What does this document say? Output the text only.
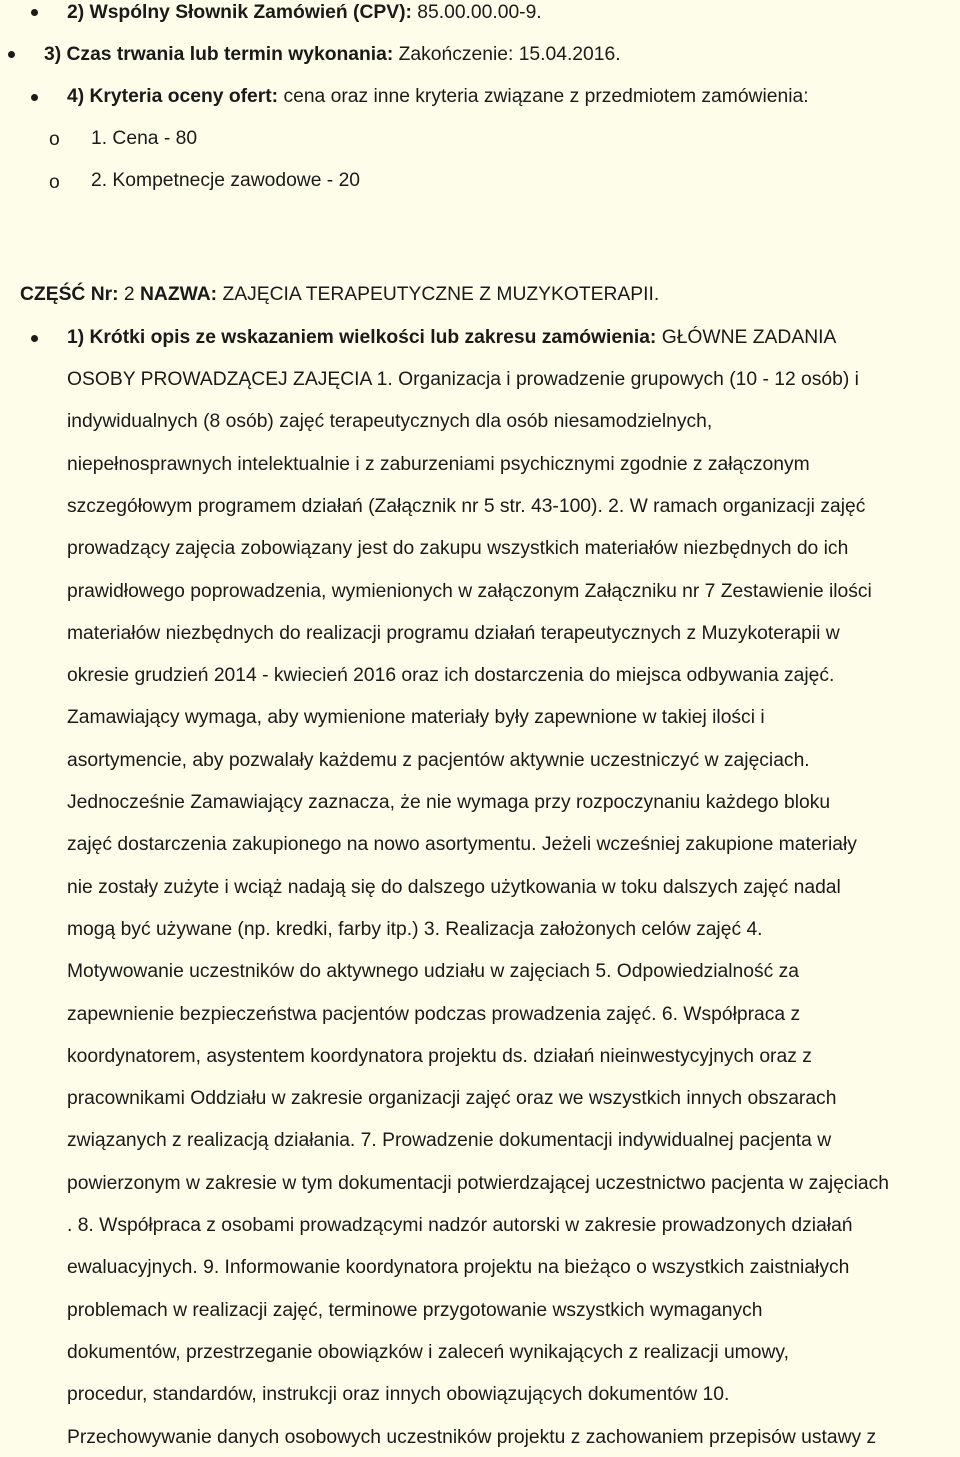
2) Wspólny Słownik Zamówień (CPV): 85.00.00.00-9.
3) Czas trwania lub termin wykonania: Zakończenie: 15.04.2016.
4) Kryteria oceny ofert: cena oraz inne kryteria związane z przedmiotem zamówienia:
o 1. Cena - 80
o 2. Kompetnecje zawodowe - 20
CZĘŚĆ Nr: 2 NAZWA: ZAJĘCIA TERAPEUTYCZNE Z MUZYKOTERAPII.
1) Krótki opis ze wskazaniem wielkości lub zakresu zamówienia: GŁÓWNE ZADANIA
OSOBY PROWADZĄCEJ ZAJĘCIA 1. Organizacja i prowadzenie grupowych (10 - 12 osób) i
indywidualnych (8 osób) zajęć terapeutycznych dla osób niesamodzielnych,
niepełnosprawnych intelektualnie i z zaburzeniami psychicznymi zgodnie z załączonym
szczegółowym programem działań (Załącznik nr 5 str. 43-100). 2. W ramach organizacji zajęć
prowadzący zajęcia zobowiązany jest do zakupu wszystkich materiałów niezbędnych do ich
prawidłowego poprowadzenia, wymienionych w załączonym Załączniku nr 7 Zestawienie ilości
materiałów niezbędnych do realizacji programu działań terapeutycznych z Muzykoterapii w
okresie grudzień 2014 - kwiecień 2016 oraz ich dostarczenia do miejsca odbywania zajęć.
Zamawiający wymaga, aby wymienione materiały były zapewnione w takiej ilości i
asortymencie, aby pozwalały każdemu z pacjentów aktywnie uczestniczyć w zajęciach.
Jednocześnie Zamawiający zaznacza, że nie wymaga przy rozpoczynaniu każdego bloku
zajęć dostarczenia zakupionego na nowo asortymentu. Jeżeli wcześniej zakupione materiały
nie zostały zużyte i wciąż nadają się do dalszego użytkowania w toku dalszych zajęć nadal
mogą być używane (np. kredki, farby itp.) 3. Realizacja założonych celów zajęć 4.
Motywowanie uczestników do aktywnego udziału w zajęciach 5. Odpowiedzialność za
zapewnienie bezpieczeństwa pacjentów podczas prowadzenia zajęć. 6. Współpraca z
koordynatorem, asystentem koordynatora projektu ds. działań nieinwestycyjnych oraz z
pracownikami Oddziału w zakresie organizacji zajęć oraz we wszystkich innych obszarach
związanych z realizacją działania. 7. Prowadzenie dokumentacji indywidualnej pacjenta w
powierzonym w zakresie w tym dokumentacji potwierdzającej uczestnictwo pacjenta w zajęciach
. 8. Współpraca z osobami prowadzącymi nadzór autorski w zakresie prowadzonych działań
ewaluacyjnych. 9. Informowanie koordynatora projektu na bieżąco o wszystkich zaistniałych
problemach w realizacji zajęć, terminowe przygotowanie wszystkich wymaganych
dokumentów, przestrzeganie obowiązków i zaleceń wynikających z realizacji umowy,
procedur, standardów, instrukcji oraz innych obowiązujących dokumentów 10.
Przechowywanie danych osobowych uczestników projektu z zachowaniem przepisów ustawy z
